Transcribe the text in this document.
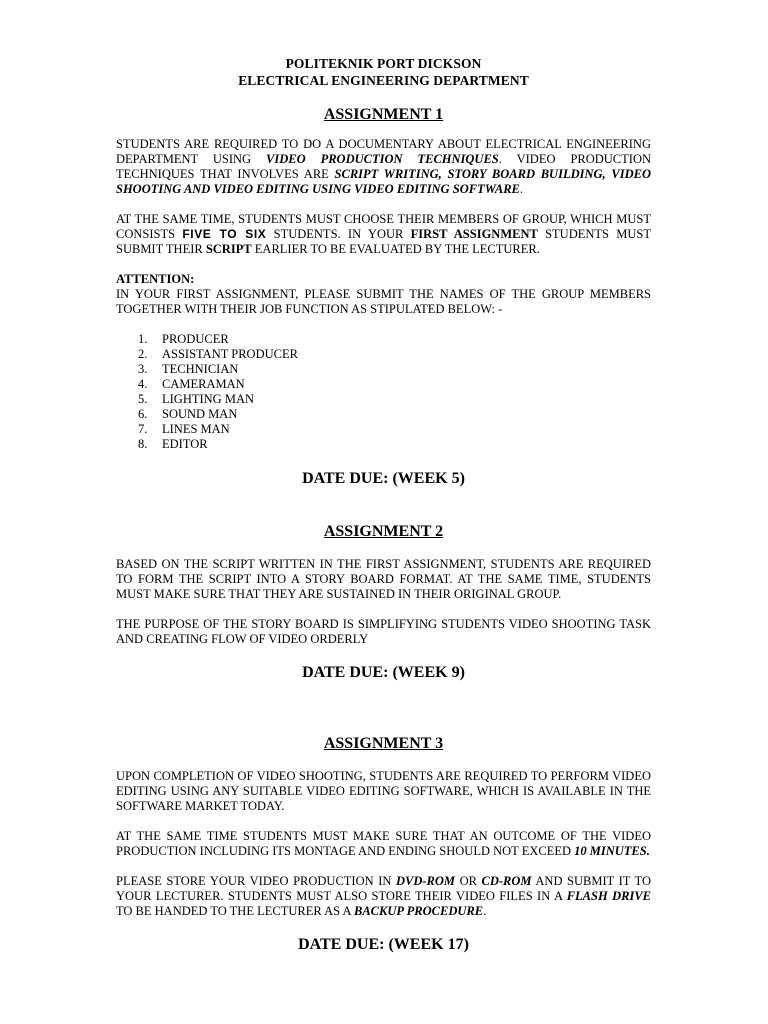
POLITEKNIK PORT DICKSON
ELECTRICAL ENGINEERING DEPARTMENT
ASSIGNMENT 1

STUDENTS ARE REQUIRED TO DO A DOCUMENTARY ABOUT ELECTRICAL ENGINEERING DEPARTMENT USING VIDEO PRODUCTION TECHNIQUES. VIDEO PRODUCTION TECHNIQUES THAT INVOLVES ARE SCRIPT WRITING, STORY BOARD BUILDING, VIDEO SHOOTING AND VIDEO EDITING USING VIDEO EDITING SOFTWARE.

AT THE SAME TIME, STUDENTS MUST CHOOSE THEIR MEMBERS OF GROUP, WHICH MUST CONSISTS FIVE TO SIX STUDENTS. IN YOUR FIRST ASSIGNMENT STUDENTS MUST SUBMIT THEIR SCRIPT EARLIER TO BE EVALUATED BY THE LECTURER.

ATTENTION:

IN YOUR FIRST ASSIGNMENT, PLEASE SUBMIT THE NAMES OF THE GROUP MEMBERS TOGETHER WITH THEIR JOB FUNCTION AS STIPULATED BELOW: -

1. PRODUCER
2. ASSISTANT PRODUCER
3. TECHNICIAN
4. CAMERAMAN
5. LIGHTING MAN
6. SOUND MAN
7. LINES MAN
8. EDITOR
DATE DUE: (WEEK 5)
ASSIGNMENT 2

BASED ON THE SCRIPT WRITTEN IN THE FIRST ASSIGNMENT, STUDENTS ARE REQUIRED TO FORM THE SCRIPT INTO A STORY BOARD FORMAT. AT THE SAME TIME, STUDENTS MUST MAKE SURE THAT THEY ARE SUSTAINED IN THEIR ORIGINAL GROUP.

THE PURPOSE OF THE STORY BOARD IS SIMPLIFYING STUDENTS VIDEO SHOOTING TASK AND CREATING FLOW OF VIDEO ORDERLY

DATE DUE: (WEEK 9)
ASSIGNMENT 3

UPON COMPLETION OF VIDEO SHOOTING, STUDENTS ARE REQUIRED TO PERFORM VIDEO EDITING USING ANY SUITABLE VIDEO EDITING SOFTWARE, WHICH IS AVAILABLE IN THE SOFTWARE MARKET TODAY.

AT THE SAME TIME STUDENTS MUST MAKE SURE THAT AN OUTCOME OF THE VIDEO PRODUCTION INCLUDING ITS MONTAGE AND ENDING SHOULD NOT EXCEED 10 MINUTES.

PLEASE STORE YOUR VIDEO PRODUCTION IN DVD-ROM OR CD-ROM AND SUBMIT IT TO YOUR LECTURER. STUDENTS MUST ALSO STORE THEIR VIDEO FILES IN A FLASH DRIVE TO BE HANDED TO THE LECTURER AS A BACKUP PROCEDURE.

DATE DUE: (WEEK 17)
